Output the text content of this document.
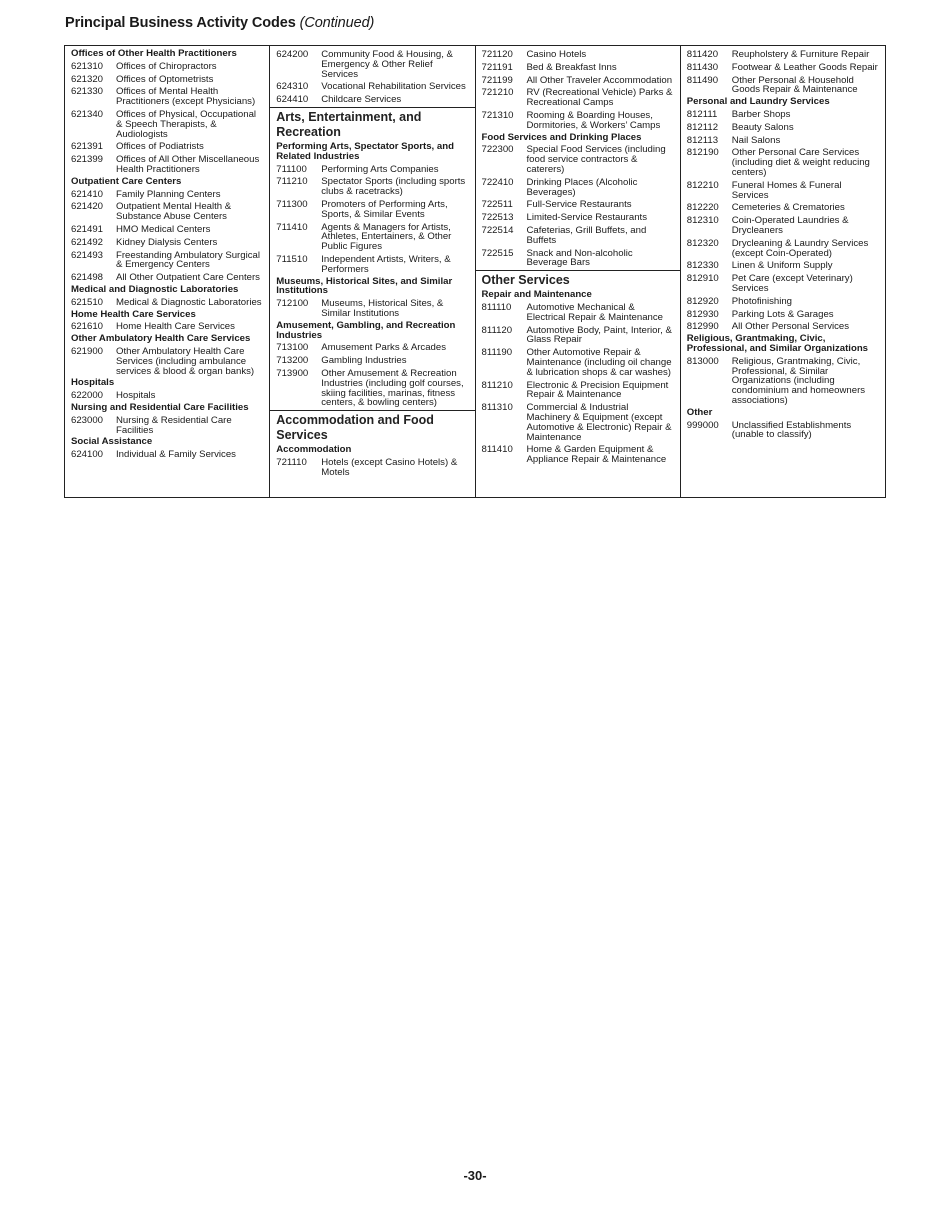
Principal Business Activity Codes (Continued)
Offices of Other Health Practitioners
621310	Offices of Chiropractors
621320	Offices of Optometrists
621330	Offices of Mental Health Practitioners (except Physicians)
621340	Offices of Physical, Occupational & Speech Therapists, & Audiologists
621391	Offices of Podiatrists
621399	Offices of All Other Miscellaneous Health Practitioners
Outpatient Care Centers
621410	Family Planning Centers
621420	Outpatient Mental Health & Substance Abuse Centers
621491	HMO Medical Centers
621492	Kidney Dialysis Centers
621493	Freestanding Ambulatory Surgical & Emergency Centers
621498	All Other Outpatient Care Centers
Medical and Diagnostic Laboratories
621510	Medical & Diagnostic Laboratories
Home Health Care Services
621610	Home Health Care Services
Other Ambulatory Health Care Services
621900	Other Ambulatory Health Care Services (including ambulance services & blood & organ banks)
Hospitals
622000	Hospitals
Nursing and Residential Care Facilities
623000	Nursing & Residential Care Facilities
Social Assistance
624100	Individual & Family Services
624200	Community Food & Housing, & Emergency & Other Relief Services
624310	Vocational Rehabilitation Services
624410	Childcare Services
Arts, Entertainment, and Recreation
Performing Arts, Spectator Sports, and Related Industries
711100	Performing Arts Companies
711210	Spectator Sports (including sports clubs & racetracks)
711300	Promoters of Performing Arts, Sports, & Similar Events
711410	Agents & Managers for Artists, Athletes, Entertainers, & Other Public Figures
711510	Independent Artists, Writers, & Performers
Museums, Historical Sites, and Similar Institutions
712100	Museums, Historical Sites, & Similar Institutions
Amusement, Gambling, and Recreation Industries
713100	Amusement Parks & Arcades
713200	Gambling Industries
713900	Other Amusement & Recreation Industries (including golf courses, skiing facilities, marinas, fitness centers, & bowling centers)
Accommodation and Food Services
Accommodation
721110	Hotels (except Casino Hotels) & Motels
721120	Casino Hotels
721191	Bed & Breakfast Inns
721199	All Other Traveler Accommodation
721210	RV (Recreational Vehicle) Parks & Recreational Camps
721310	Rooming & Boarding Houses, Dormitories, & Workers’ Camps
Food Services and Drinking Places
722300	Special Food Services (including food service contractors & caterers)
722410	Drinking Places (Alcoholic Beverages)
722511	Full-Service Restaurants
722513	Limited-Service Restaurants
722514	Cafeterias, Grill Buffets, and Buffets
722515	Snack and Non-alcoholic Beverage Bars
Other Services
Repair and Maintenance
811110	Automotive Mechanical & Electrical Repair & Maintenance
811120	Automotive Body, Paint, Interior, & Glass Repair
811190	Other Automotive Repair & Maintenance (including oil change & lubrication shops & car washes)
811210	Electronic & Precision Equipment Repair & Maintenance
811310	Commercial & Industrial Machinery & Equipment (except Automotive & Electronic) Repair & Maintenance
811410	Home & Garden Equipment & Appliance Repair & Maintenance
811420	Reupholstery & Furniture Repair
811430	Footwear & Leather Goods Repair
811490	Other Personal & Household Goods Repair & Maintenance
Personal and Laundry Services
812111	Barber Shops
812112	Beauty Salons
812113	Nail Salons
812190	Other Personal Care Services (including diet & weight reducing centers)
812210	Funeral Homes & Funeral Services
812220	Cemeteries & Crematories
812310	Coin-Operated Laundries & Drycleaners
812320	Drycleaning & Laundry Services (except Coin-Operated)
812330	Linen & Uniform Supply
812910	Pet Care (except Veterinary) Services
812920	Photofinishing
812930	Parking Lots & Garages
812990	All Other Personal Services
Religious, Grantmaking, Civic, Professional, and Similar Organizations
813000	Religious, Grantmaking, Civic, Professional, & Similar Organizations (including condominium and homeowners associations)
Other
999000	Unclassified Establishments (unable to classify)
-30-
